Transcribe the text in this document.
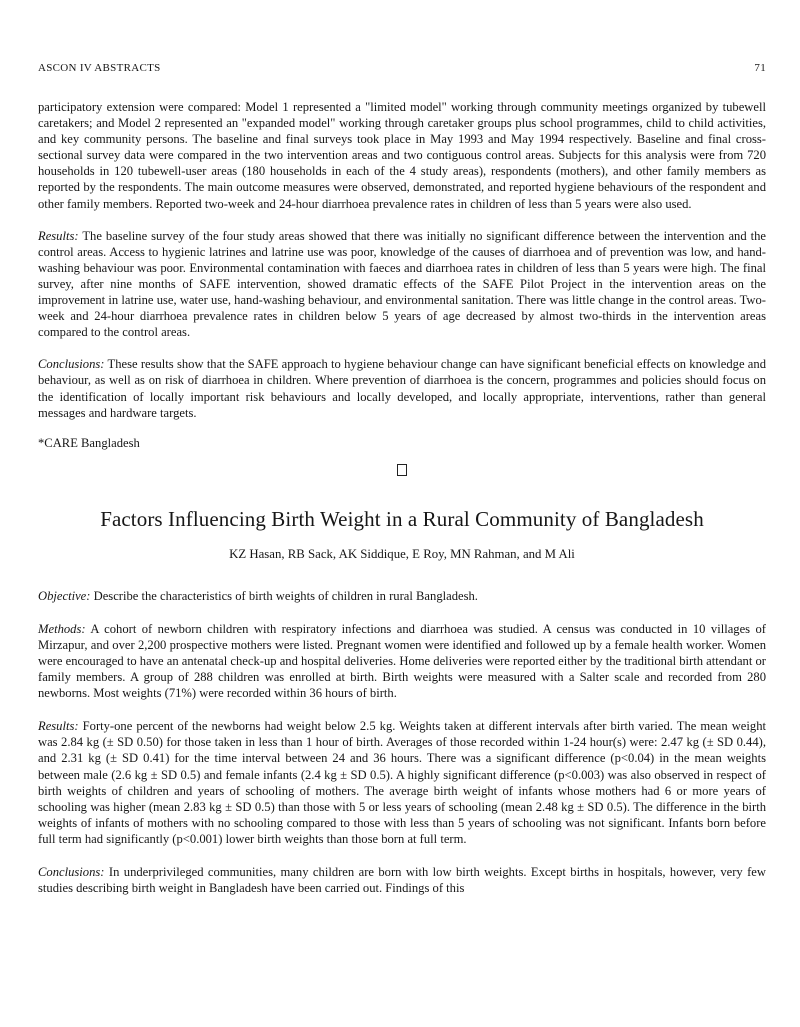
ASCON IV ABSTRACTS	71

participatory extension were compared: Model 1 represented a "limited model" working through community meetings organized by tubewell caretakers; and Model 2 represented an "expanded model" working through caretaker groups plus school programmes, child to child activities, and key community persons. The baseline and final surveys took place in May 1993 and May 1994 respectively. Baseline and final cross-sectional survey data were compared in the two intervention areas and two contiguous control areas. Subjects for this analysis were from 720 households in 120 tubewell-user areas (180 households in each of the 4 study areas), respondents (mothers), and other family members as reported by the respondents. The main outcome measures were observed, demonstrated, and reported hygiene behaviours of the respondent and other family members. Reported two-week and 24-hour diarrhoea prevalence rates in children of less than 5 years were also used.

Results: The baseline survey of the four study areas showed that there was initially no significant difference between the intervention and the control areas. Access to hygienic latrines and latrine use was poor, knowledge of the causes of diarrhoea and of prevention was low, and hand-washing behaviour was poor. Environmental contamination with faeces and diarrhoea rates in children of less than 5 years were high. The final survey, after nine months of SAFE intervention, showed dramatic effects of the SAFE Pilot Project in the intervention areas on the improvement in latrine use, water use, hand-washing behaviour, and environmental sanitation. There was little change in the control areas. Two-week and 24-hour diarrhoea prevalence rates in children below 5 years of age decreased by almost two-thirds in the intervention areas compared to the control areas.

Conclusions: These results show that the SAFE approach to hygiene behaviour change can have significant beneficial effects on knowledge and behaviour, as well as on risk of diarrhoea in children. Where prevention of diarrhoea is the concern, programmes and policies should focus on the identification of locally important risk behaviours and locally developed, and locally appropriate, interventions, rather than general messages and hardware targets.

*CARE Bangladesh

Factors Influencing Birth Weight in a Rural Community of Bangladesh
KZ Hasan, RB Sack, AK Siddique, E Roy, MN Rahman, and M Ali

Objective: Describe the characteristics of birth weights of children in rural Bangladesh.

Methods: A cohort of newborn children with respiratory infections and diarrhoea was studied. A census was conducted in 10 villages of Mirzapur, and over 2,200 prospective mothers were listed. Pregnant women were identified and followed up by a female health worker. Women were encouraged to have an antenatal check-up and hospital deliveries. Home deliveries were reported either by the traditional birth attendant or family members. A group of 288 children was enrolled at birth. Birth weights were measured with a Salter scale and recorded from 280 newborns. Most weights (71%) were recorded within 36 hours of birth.

Results: Forty-one percent of the newborns had weight below 2.5 kg. Weights taken at different intervals after birth varied. The mean weight was 2.84 kg (± SD 0.50) for those taken in less than 1 hour of birth. Averages of those recorded within 1-24 hour(s) were: 2.47 kg (± SD 0.44), and 2.31 kg (± SD 0.41) for the time interval between 24 and 36 hours. There was a significant difference (p<0.04) in the mean weights between male (2.6 kg ± SD 0.5) and female infants (2.4 kg ± SD 0.5). A highly significant difference (p<0.003) was also observed in respect of birth weights of children and years of schooling of mothers. The average birth weight of infants whose mothers had 6 or more years of schooling was higher (mean 2.83 kg ± SD 0.5) than those with 5 or less years of schooling (mean 2.48 kg ± SD 0.5). The difference in the birth weights of infants of mothers with no schooling compared to those with less than 5 years of schooling was not significant. Infants born before full term had significantly (p<0.001) lower birth weights than those born at full term.

Conclusions: In underprivileged communities, many children are born with low birth weights. Except births in hospitals, however, very few studies describing birth weight in Bangladesh have been carried out. Findings of this
